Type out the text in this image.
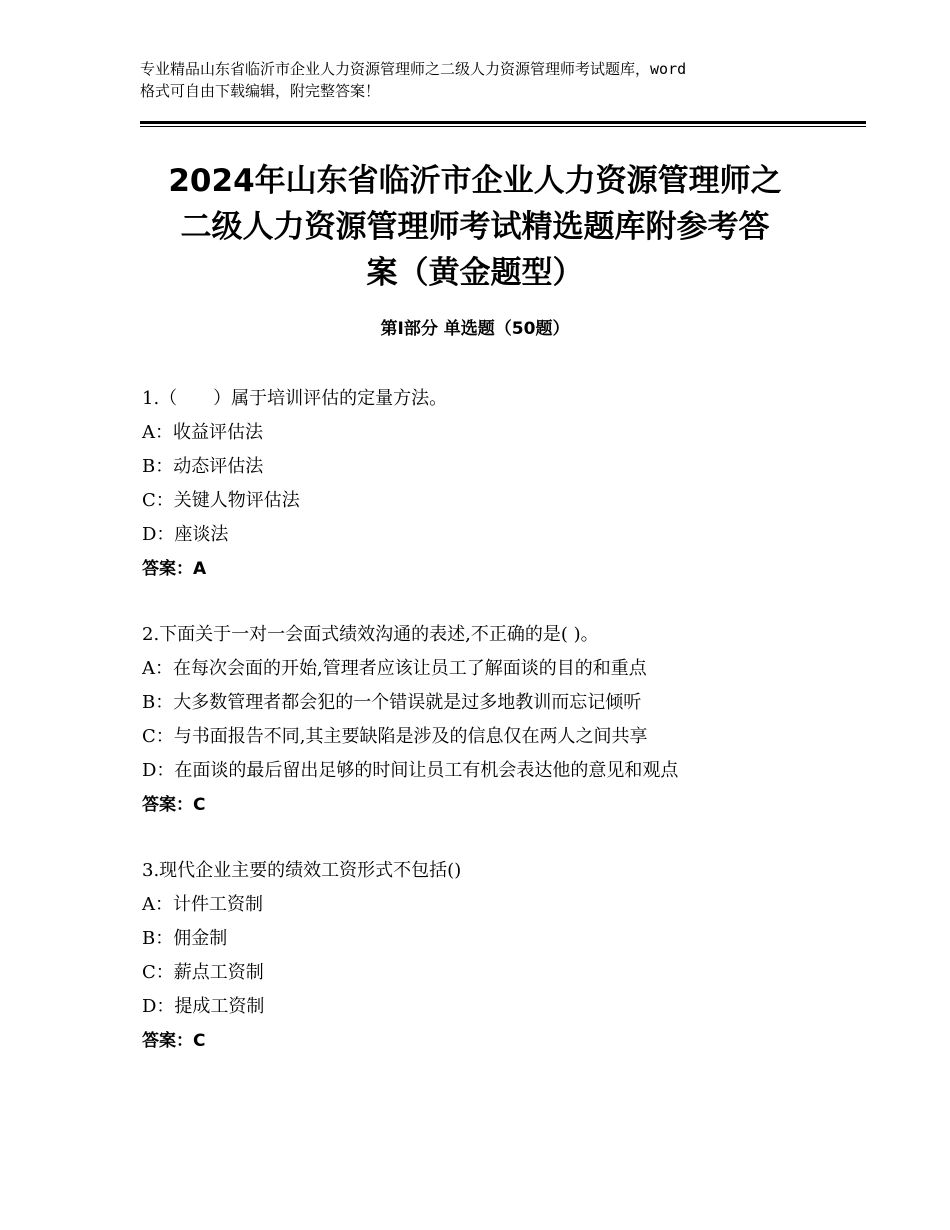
专业精品山东省临沂市企业人力资源管理师之二级人力资源管理师考试题库，word
格式可自由下载编辑，附完整答案！
2024年山东省临沂市企业人力资源管理师之
二级人力资源管理师考试精选题库附参考答
案（黄金题型）
第Ⅰ部分 单选题（50题）
1.（　　）属于培训评估的定量方法。
A：收益评估法
B：动态评估法
C：关键人物评估法
D：座谈法
答案：A
2.下面关于一对一会面式绩效沟通的表述,不正确的是( )。
A：在每次会面的开始,管理者应该让员工了解面谈的目的和重点
B：大多数管理者都会犯的一个错误就是过多地教训而忘记倾听
C：与书面报告不同,其主要缺陷是涉及的信息仅在两人之间共享
D：在面谈的最后留出足够的时间让员工有机会表达他的意见和观点
答案：C
3.现代企业主要的绩效工资形式不包括()
A：计件工资制
B：佣金制
C：薪点工资制
D：提成工资制
答案：C
